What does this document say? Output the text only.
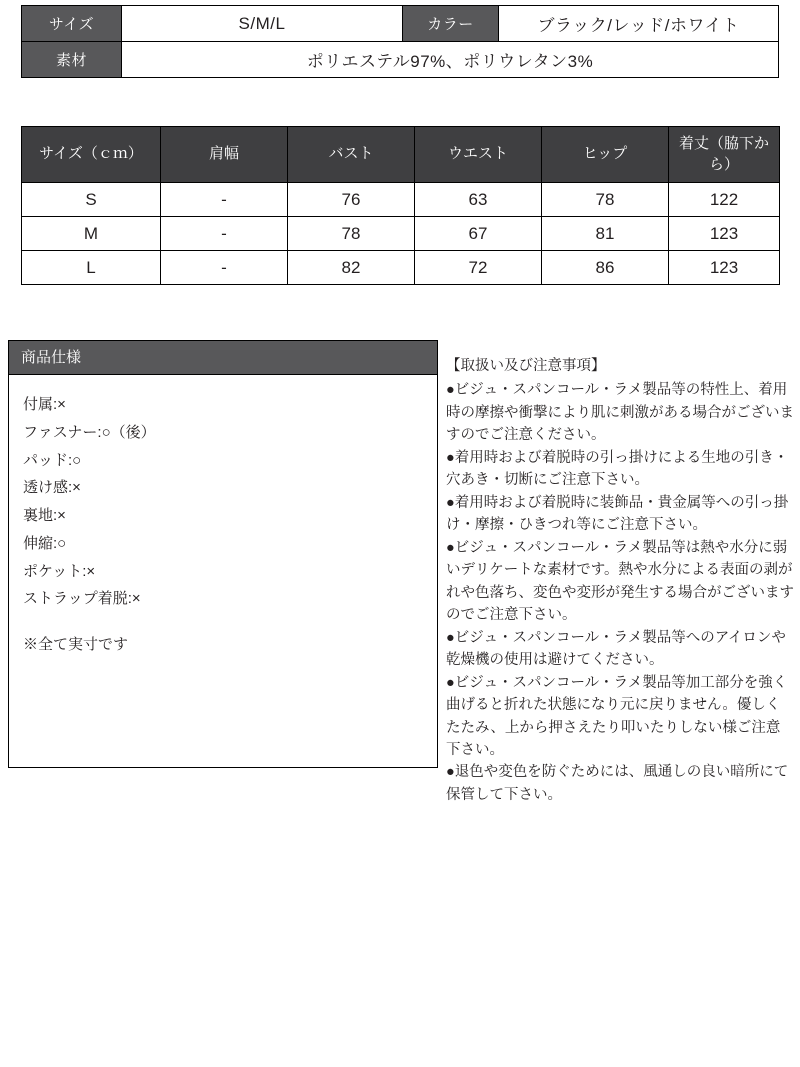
サイズ	S/M/L	カラー	ブラック/レッド/ホワイト
素材	ポリエステル97%、ポリウレタン3%		
サイズ（ｃｍ）	肩幅	バスト	ウエスト	ヒップ	着丈（脇下から）
S	-	76	63	78	122
M	-	78	67	81	123
L	-	82	72	86	123
商品仕様
付属:×
ファスナー:○（後）
パッド:○
透け感:×
裏地:×
伸縮:○
ポケット:×
ストラップ着脱:×
※全て実寸です
【取扱い及び注意事項】

●ビジュ・スパンコール・ラメ製品等の特性上、着用時の摩擦や衝撃により肌に刺激がある場合がございますのでご注意ください。

●着用時および着脱時の引っ掛けによる生地の引き・穴あき・切断にご注意下さい。

●着用時および着脱時に装飾品・貴金属等への引っ掛け・摩擦・ひきつれ等にご注意下さい。

●ビジュ・スパンコール・ラメ製品等は熱や水分に弱いデリケートな素材です。熱や水分による表面の剥がれや色落ち、変色や変形が発生する場合がございますのでご注意下さい。

●ビジュ・スパンコール・ラメ製品等へのアイロンや乾燥機の使用は避けてください。

●ビジュ・スパンコール・ラメ製品等加工部分を強く曲げると折れた状態になり元に戻りません。優しくたたみ、上から押さえたり叩いたりしない様ご注意下さい。

●退色や変色を防ぐためには、風通しの良い暗所にて保管して下さい。
